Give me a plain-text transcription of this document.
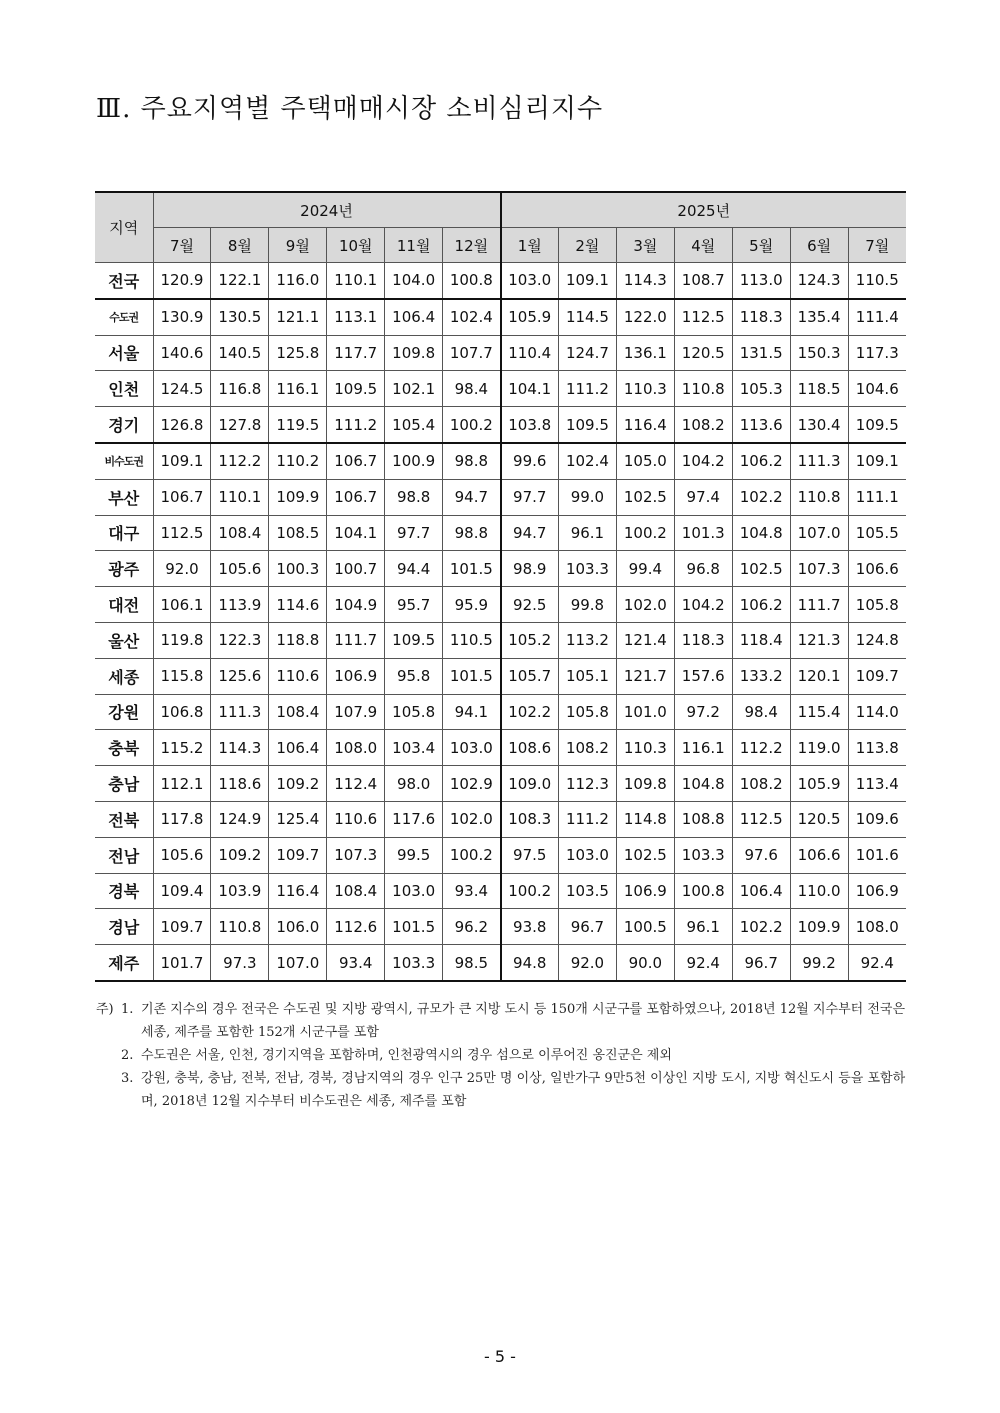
Ⅲ. 주요지역별 주택매매시장 소비심리지수
지역	2024년						2025년						
	7월	8월	9월	10월	11월	12월	1월	2월	3월	4월	5월	6월	7월
전국	120.9	122.1	116.0	110.1	104.0	100.8	103.0	109.1	114.3	108.7	113.0	124.3	110.5
수도권	130.9	130.5	121.1	113.1	106.4	102.4	105.9	114.5	122.0	112.5	118.3	135.4	111.4
서울	140.6	140.5	125.8	117.7	109.8	107.7	110.4	124.7	136.1	120.5	131.5	150.3	117.3
인천	124.5	116.8	116.1	109.5	102.1	98.4	104.1	111.2	110.3	110.8	105.3	118.5	104.6
경기	126.8	127.8	119.5	111.2	105.4	100.2	103.8	109.5	116.4	108.2	113.6	130.4	109.5
비수도권	109.1	112.2	110.2	106.7	100.9	98.8	99.6	102.4	105.0	104.2	106.2	111.3	109.1
부산	106.7	110.1	109.9	106.7	98.8	94.7	97.7	99.0	102.5	97.4	102.2	110.8	111.1
대구	112.5	108.4	108.5	104.1	97.7	98.8	94.7	96.1	100.2	101.3	104.8	107.0	105.5
광주	92.0	105.6	100.3	100.7	94.4	101.5	98.9	103.3	99.4	96.8	102.5	107.3	106.6
대전	106.1	113.9	114.6	104.9	95.7	95.9	92.5	99.8	102.0	104.2	106.2	111.7	105.8
울산	119.8	122.3	118.8	111.7	109.5	110.5	105.2	113.2	121.4	118.3	118.4	121.3	124.8
세종	115.8	125.6	110.6	106.9	95.8	101.5	105.7	105.1	121.7	157.6	133.2	120.1	109.7
강원	106.8	111.3	108.4	107.9	105.8	94.1	102.2	105.8	101.0	97.2	98.4	115.4	114.0
충북	115.2	114.3	106.4	108.0	103.4	103.0	108.6	108.2	110.3	116.1	112.2	119.0	113.8
충남	112.1	118.6	109.2	112.4	98.0	102.9	109.0	112.3	109.8	104.8	108.2	105.9	113.4
전북	117.8	124.9	125.4	110.6	117.6	102.0	108.3	111.2	114.8	108.8	112.5	120.5	109.6
전남	105.6	109.2	109.7	107.3	99.5	100.2	97.5	103.0	102.5	103.3	97.6	106.6	101.6
경북	109.4	103.9	116.4	108.4	103.0	93.4	100.2	103.5	106.9	100.8	106.4	110.0	106.9
경남	109.7	110.8	106.0	112.6	101.5	96.2	93.8	96.7	100.5	96.1	102.2	109.9	108.0
제주	101.7	97.3	107.0	93.4	103.3	98.5	94.8	92.0	90.0	92.4	96.7	99.2	92.4
주) 1. 기존 지수의 경우 전국은 수도권 및 지방 광역시, 규모가 큰 지방 도시 등 150개 시군구를 포함하였으나, 2018년 12월 지수부터 전국은 세종, 제주를 포함한 152개 시군구를 포함
2. 수도권은 서울, 인천, 경기지역을 포함하며, 인천광역시의 경우 섬으로 이루어진 옹진군은 제외
3. 강원, 충북, 충남, 전북, 전남, 경북, 경남지역의 경우 인구 25만 명 이상, 일반가구 9만5천 이상인 지방 도시, 지방 혁신도시 등을 포함하며, 2018년 12월 지수부터 비수도권은 세종, 제주를 포함
- 5 -
